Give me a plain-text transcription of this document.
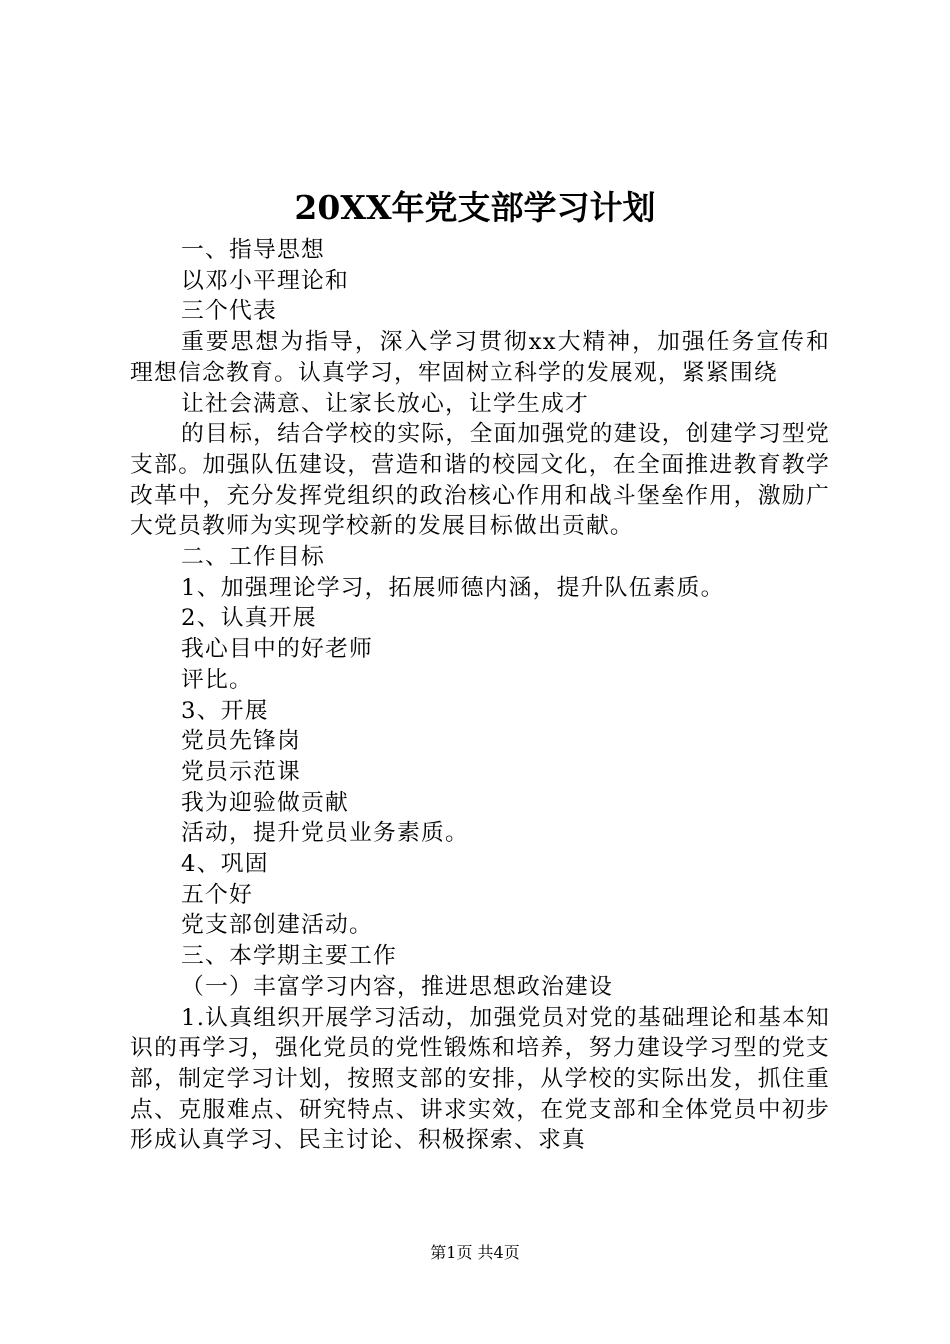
20XX年党支部学习计划

一、指导思想

以邓小平理论和

三个代表

重要思想为指导，深入学习贯彻xx大精神，加强任务宣传和理想信念教育。认真学习，牢固树立科学的发展观，紧紧围绕

让社会满意、让家长放心，让学生成才

的目标，结合学校的实际，全面加强党的建设，创建学习型党支部。加强队伍建设，营造和谐的校园文化，在全面推进教育教学改革中，充分发挥党组织的政治核心作用和战斗堡垒作用，激励广大党员教师为实现学校新的发展目标做出贡献。

二、工作目标

1、加强理论学习，拓展师德内涵，提升队伍素质。

2、认真开展

我心目中的好老师

评比。

3、开展

党员先锋岗

党员示范课

我为迎验做贡献

活动，提升党员业务素质。

4、巩固

五个好

党支部创建活动。

三、本学期主要工作

（一）丰富学习内容，推进思想政治建设

1.认真组织开展学习活动，加强党员对党的基础理论和基本知识的再学习，强化党员的党性锻炼和培养，努力建设学习型的党支部，制定学习计划，按照支部的安排，从学校的实际出发，抓住重点、克服难点、研究特点、讲求实效，在党支部和全体党员中初步形成认真学习、民主讨论、积极探索、求真

第1页 共4页
